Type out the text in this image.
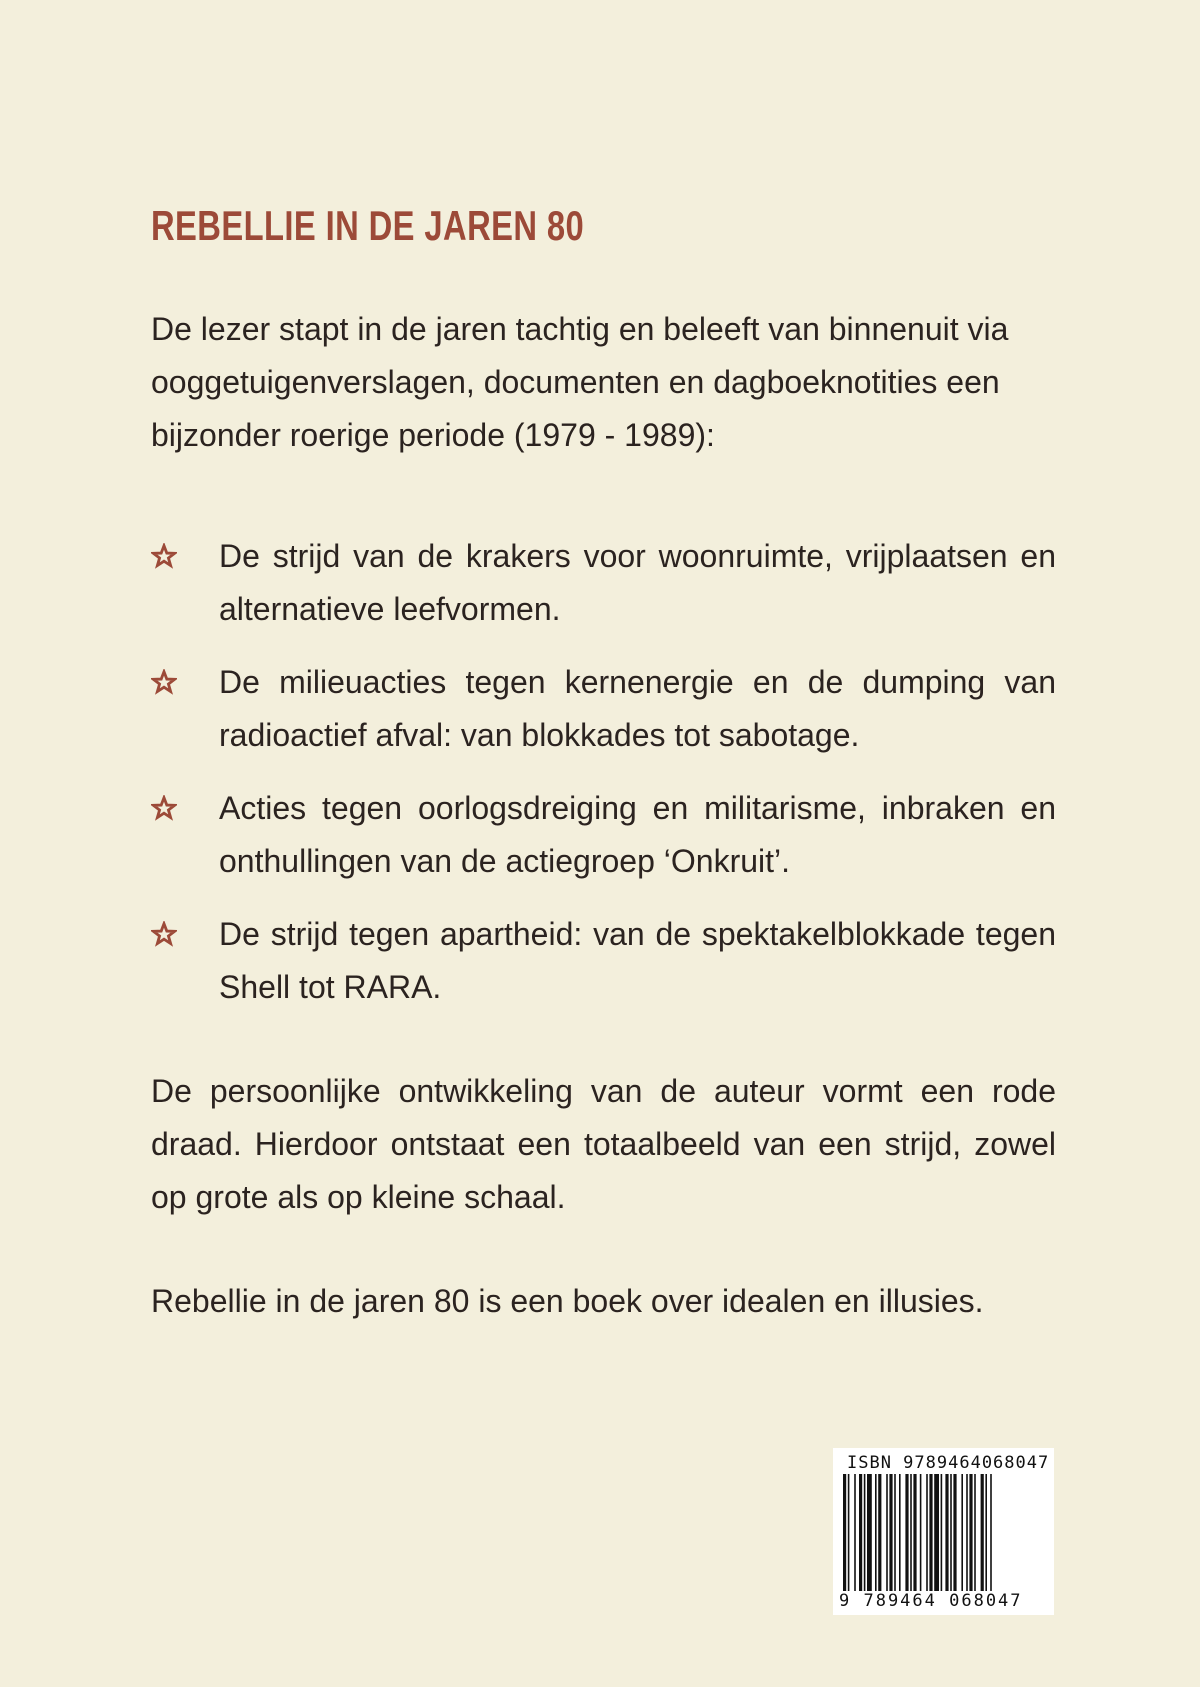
REBELLIE IN DE JAREN 80

De lezer stapt in de jaren tachtig en beleeft van binnenuit via ooggetuigenverslagen, documenten en dagboeknotities een bijzonder roerige periode (1979 - 1989):

De strijd van de krakers voor woonruimte, vrijplaatsen en alternatieve leefvormen.
De milieuacties tegen kernenergie en de dumping van radioactief afval: van blokkades tot sabotage.
Acties tegen oorlogsdreiging en militarisme, inbraken en onthullingen van de actiegroep ‘Onkruit’.
De strijd tegen apartheid: van de spektakelblokkade tegen Shell tot RARA.

De persoonlijke ontwikkeling van de auteur vormt een rode draad. Hierdoor ontstaat een totaalbeeld van een strijd, zowel op grote als op kleine schaal.

Rebellie in de jaren 80 is een boek over idealen en illusies.

ISBN 9789464068047
9 789464 068047
